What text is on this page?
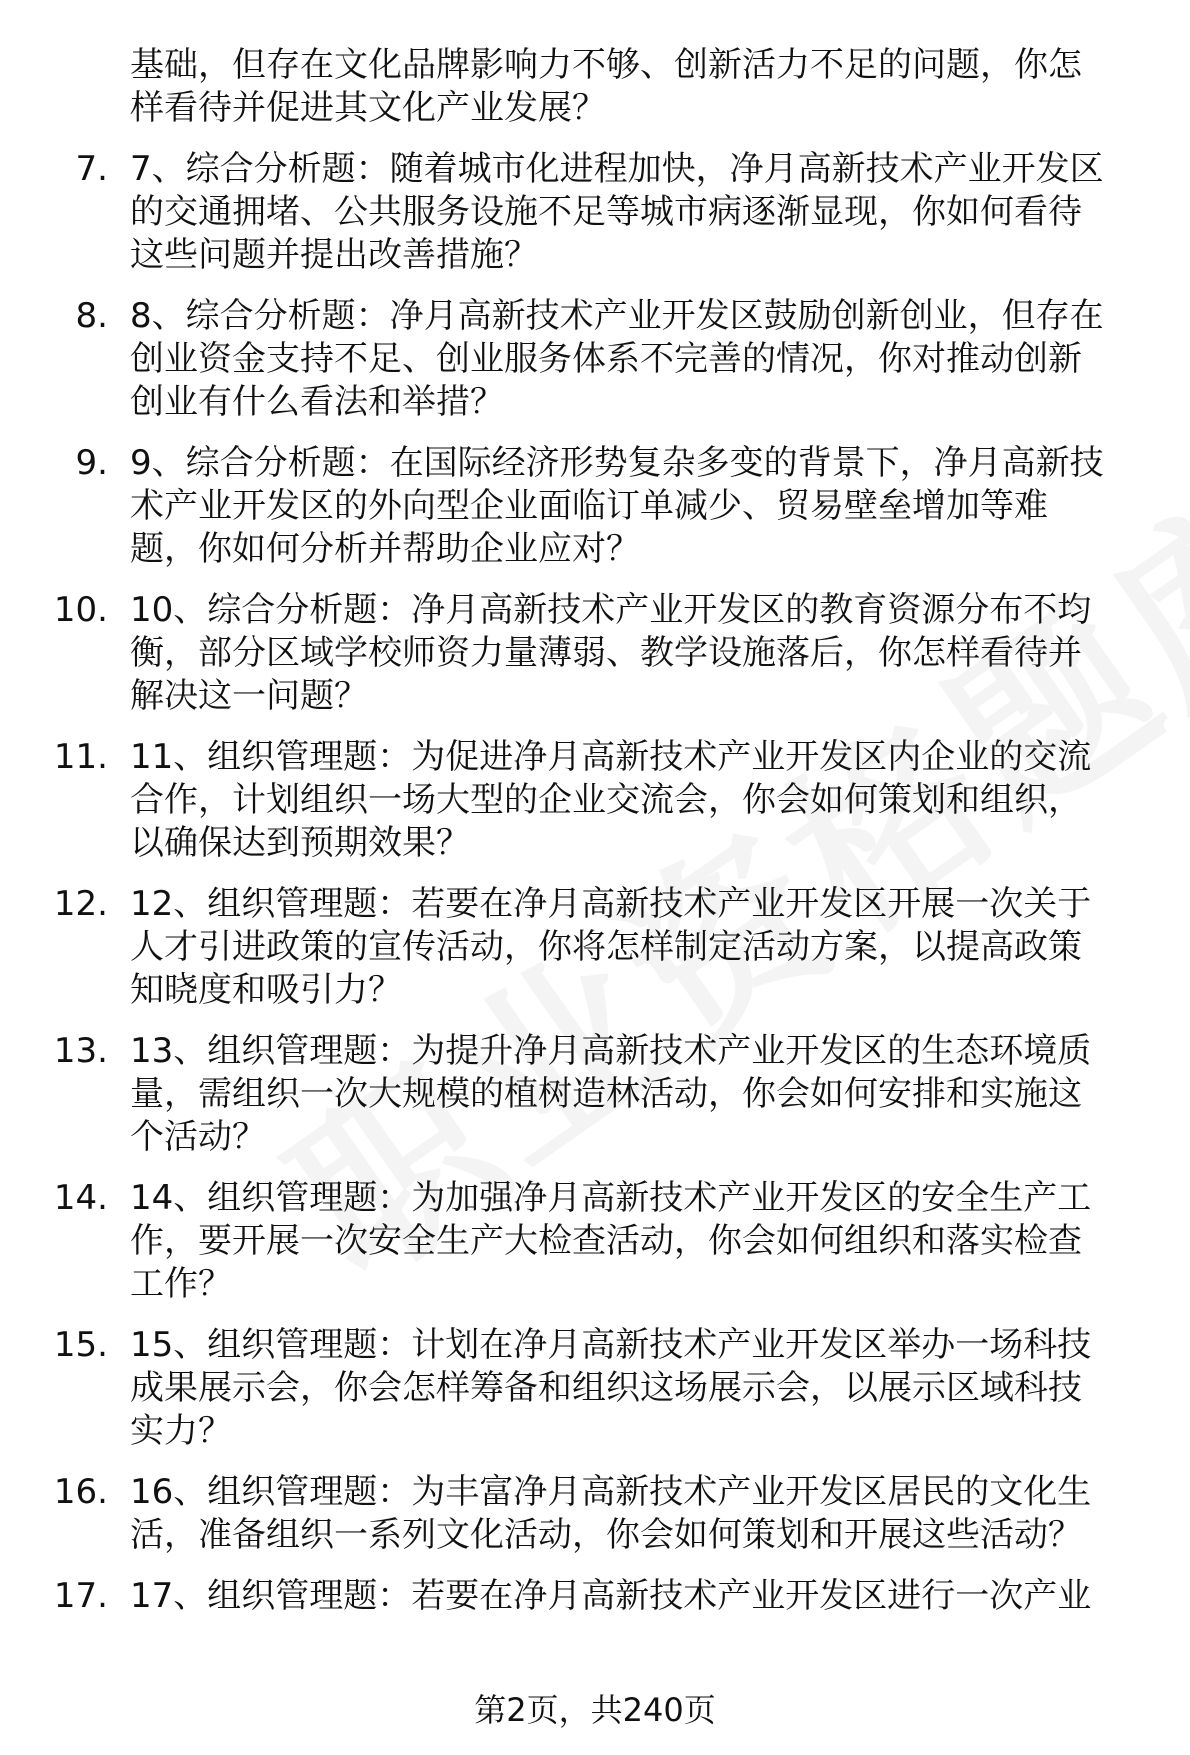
基础，但存在文化品牌影响力不够、创新活力不足的问题，你怎
样看待并促进其文化产业发展？
7. 7、综合分析题：随着城市化进程加快，净月高新技术产业开发区
的交通拥堵、公共服务设施不足等城市病逐渐显现，你如何看待
这些问题并提出改善措施？
8. 8、综合分析题：净月高新技术产业开发区鼓励创新创业，但存在
创业资金支持不足、创业服务体系不完善的情况，你对推动创新
创业有什么看法和举措？
9. 9、综合分析题：在国际经济形势复杂多变的背景下，净月高新技
术产业开发区的外向型企业面临订单减少、贸易壁垒增加等难
题，你如何分析并帮助企业应对？
10. 10、综合分析题：净月高新技术产业开发区的教育资源分布不均
衡，部分区域学校师资力量薄弱、教学设施落后，你怎样看待并
解决这一问题？
11. 11、组织管理题：为促进净月高新技术产业开发区内企业的交流
合作，计划组织一场大型的企业交流会，你会如何策划和组织，
以确保达到预期效果？
12. 12、组织管理题：若要在净月高新技术产业开发区开展一次关于
人才引进政策的宣传活动，你将怎样制定活动方案，以提高政策
知晓度和吸引力？
13. 13、组织管理题：为提升净月高新技术产业开发区的生态环境质
量，需组织一次大规模的植树造林活动，你会如何安排和实施这
个活动？
14. 14、组织管理题：为加强净月高新技术产业开发区的安全生产工
作，要开展一次安全生产大检查活动，你会如何组织和落实检查
工作？
15. 15、组织管理题：计划在净月高新技术产业开发区举办一场科技
成果展示会，你会怎样筹备和组织这场展示会，以展示区域科技
实力？
16. 16、组织管理题：为丰富净月高新技术产业开发区居民的文化生
活，准备组织一系列文化活动，你会如何策划和开展这些活动？
17. 17、组织管理题：若要在净月高新技术产业开发区进行一次产业
第2页，共240页
